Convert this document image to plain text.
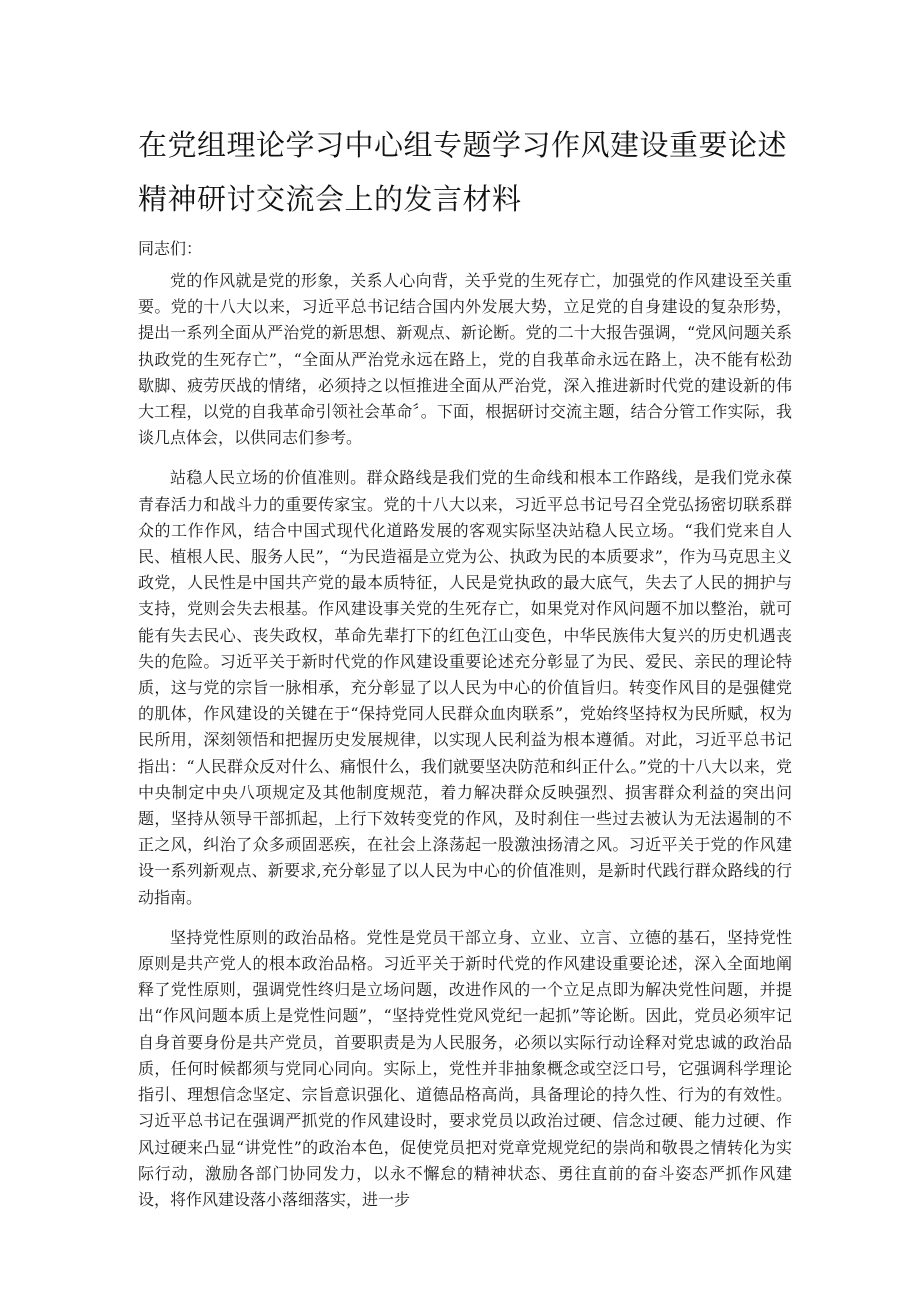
在党组理论学习中心组专题学习作风建设重要论述
精神研讨交流会上的发言材料
同志们：

党的作风就是党的形象，关系人心向背，关乎党的生死存亡，加强党的作风建设至关重要。党的十八大以来，习近平总书记结合国内外发展大势，立足党的自身建设的复杂形势，提出一系列全面从严治党的新思想、新观点、新论断。党的二十大报告强调，“党风问题关系执政党的生死存亡”，“全面从严治党永远在路上，党的自我革命永远在路上，决不能有松劲歇脚、疲劳厌战的情绪，必须持之以恒推进全面从严治党，深入推进新时代党的建设新的伟大工程，以党的自我革命引领社会革命〞。下面，根据研讨交流主题，结合分管工作实际，我谈几点体会，以供同志们参考。

站稳人民立场的价值准则。群众路线是我们党的生命线和根本工作路线，是我们党永葆青春活力和战斗力的重要传家宝。党的十八大以来，习近平总书记号召全党弘扬密切联系群众的工作作风，结合中国式现代化道路发展的客观实际坚决站稳人民立场。“我们党来自人民、植根人民、服务人民”，“为民造福是立党为公、执政为民的本质要求”，作为马克思主义政党，人民性是中国共产党的最本质特征，人民是党执政的最大底气，失去了人民的拥护与支持，党则会失去根基。作风建设事关党的生死存亡，如果党对作风问题不加以整治，就可能有失去民心、丧失政权，革命先辈打下的红色江山变色，中华民族伟大复兴的历史机遇丧失的危险。习近平关于新时代党的作风建设重要论述充分彰显了为民、爱民、亲民的理论特质，这与党的宗旨一脉相承，充分彰显了以人民为中心的价值旨归。转变作风目的是强健党的肌体，作风建设的关键在于“保持党同人民群众血肉联系”，党始终坚持权为民所赋，权为民所用，深刻领悟和把握历史发展规律，以实现人民利益为根本遵循。对此，习近平总书记指出：“人民群众反对什么、痛恨什么，我们就要坚决防范和纠正什么。”党的十八大以来，党中央制定中央八项规定及其他制度规范，着力解决群众反映强烈、损害群众利益的突出问题，坚持从领导干部抓起，上行下效转变党的作风，及时刹住一些过去被认为无法遏制的不正之风，纠治了众多顽固恶疾，在社会上涤荡起一股激浊扬清之风。习近平关于党的作风建设一系列新观点、新要求,充分彰显了以人民为中心的价值准则，是新时代践行群众路线的行动指南。

坚持党性原则的政治品格。党性是党员干部立身、立业、立言、立德的基石，坚持党性原则是共产党人的根本政治品格。习近平关于新时代党的作风建设重要论述，深入全面地阐释了党性原则，强调党性终归是立场问题，改进作风的一个立足点即为解决党性问题，并提出“作风问题本质上是党性问题”，“坚持党性党风党纪一起抓”等论断。因此，党员必须牢记自身首要身份是共产党员，首要职责是为人民服务，必须以实际行动诠释对党忠诚的政治品质，任何时候都须与党同心同向。实际上，党性并非抽象概念或空泛口号，它强调科学理论指引、理想信念坚定、宗旨意识强化、道德品格高尚，具备理论的持久性、行为的有效性。习近平总书记在强调严抓党的作风建设时，要求党员以政治过硬、信念过硬、能力过硬、作风过硬来凸显“讲党性”的政治本色，促使党员把对党章党规党纪的崇尚和敬畏之情转化为实际行动，激励各部门协同发力，以永不懈怠的精神状态、勇往直前的奋斗姿态严抓作风建设，将作风建设落小落细落实，进一步
